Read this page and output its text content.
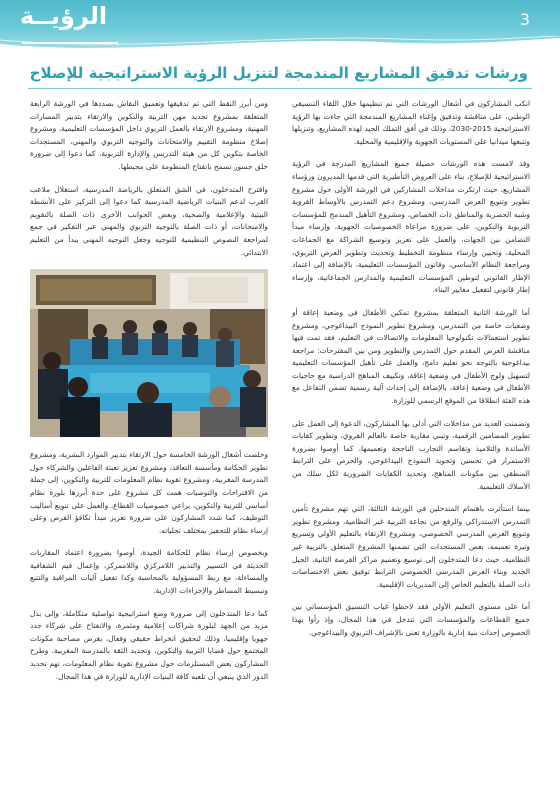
الرؤيــة	3
ورشات تدقيق المشاريع المندمجة لتنزيل الرؤية الاستراتيجية للإصلاح

انكب المشاركون في أشغال الورشات التي تم تنظيمها خلال اللقاء التنسيقي الوطني، على مناقشة وتدقيق وإغناء المشاريع المندمجة التي جاءت بها الرؤية الاستراتيجية 2015-2030، وذلك في أفق التملك الجيد لهذه المشاريع، وتنزيلها وتتبعها ميدانيا على المستويات الجهوية والإقليمية والمحلية.

وقد لامست هذه الورشات حصيلة جميع المشاريع المدرجة في الرؤية الاستراتيجية للإصلاح، بناء على العروض التأطيرية التي قدمها المديرون ورؤساء المشاريع، حيث ارتكزت مداخلات المشاركين في الورشة الأولى حول مشروع تطوير وتنويع العرض المدرسي، ومشروع دعم التمدرس بالأوساط القروية وشبه الحضرية والمناطق ذات الخصاص، ومشروع التأهيل المندمج للمؤسسات التربوية والتكوين، على ضرورة مراعاة الخصوصيات الجهوية، وإرساء مبدأ التضامن بين الجهات، والعمل على تعزيز وتوسيع الشراكة مع الجماعات المحلية، وتحيين وإرساء منظومة التخطيط وتحديث وتطوير العرض التربوي، ومراجعة النظام الأساسي، وقانون المؤسسات التعليمية، بالإضافة إلى اعتماد الإطار القانوني لتوطين المؤسسات التعليمية والمدارس الجماعاتية، وإرساء إطار قانوني لتفعيل معايير البناء.

أما الورشة الثانية المتعلقة بمشروع تمكين الأطفال في وضعية إعاقة أو وضعيات خاصة من التمدرس، ومشروع تطوير النموذج البيداغوجي، ومشروع تطوير استعمالات تكنولوجيا المعلومات والاتصالات في التعليم، فقد تمت فيها مناقشة العرض المقدم حول التمدرس والتطوير ومن بين المقترحات: مراجعة بيداغوجية بالتوجه نحو تعليم دامج، والعمل على تأهيل المؤسسات التعليمية لتسهيل ولوج الأطفال في وضعية إعاقة، وتكييف المناهج الدراسية مع حاجيات الأطفال في وضعية إعاقة، بالإضافة إلى إحداث آلية رسمية تضمن التفاعل مع هذه الفئة انطلاقا من الموقع الرسمي للوزارة.

وتضمنت العديد من مداخلات التي أدلى بها المشاركون، الدعوة إلى العمل على تطوير المضامين الرقمية، وتبني مقاربة خاصة بالعالم القروي، وتطوير كفايات الأساتذة والتلاميذ وتقاسم التجارب الناجحة وتعميمها، كما أوصوا بضرورة الاستمرار في تحسين وتجويد النموذج البيداغوجي، والحرص على الترابط المنطقي بين مكونات المناهج، وتحديد الكفايات الضرورية لكل سلك من الأسلاك التعليمية.

بينما استأثرت باهتمام المتدخلين في الورشة الثالثة، التي تهم مشروع تأمين التمدرس الاستدراكي والرفع من نجاعة التربية غير النظامية، ومشروع تطوير وتنويع العرض المدرسي الخصوصي، ومشروع الارتقاء بالتعليم الأولي وتسريع وتيرة تعميمه، بعض المستجدات التي تضمنها المشروع المتعلق بالتربية غير النظامية، حيث دعا المتدخلون إلى توسيع وتعميم مراكز الفرصة الثانية، الجيل الجديد وبناء العرض المدرسي الخصوصي الترابط توفيق بعض الاختصاصات ذات الصلة بالتعليم الخاص إلى المديريات الإقليمية.

أما على مستوى التعليم الأولي فقد لاحظوا غياب التنسيق المؤسساتي بين جميع القطاعات والمؤسسات التي تتدخل في هذا المجال، وإذ رأوا بهذا الخصوص إحداث بنية إدارية بالوزارة تعنى بالإشراف التربوي والبيداغوجي.

ومن أبرز النقط التي تم تدقيقها وتعميق النقاش بصددها في الورشة الرابعة المتعلقة بمشروع تجديد مهن التربية والتكوين والارتقاء بتدبير المسارات المهنية، ومشروع الارتقاء بالعمل التربوي داخل المؤسسات التعليمية، ومشروع إصلاح منظومة التقييم والامتحانات والتوجيه التربوي والمهني، المستجدات الخاصة بتكوين كل من هيئة التدريس والإدارة التربوية، كما دعوا إلى ضرورة خلق جسور تسمح بانفتاح المنظومة على محيطها.

واقترح المتدخلون، في الشق المتعلق بالرياضة المدرسية، استغلال ملاعب القرب لدعم البنيات الرياضية المدرسية كما دعوا إلى التركيز على الأنشطة البيئية والإعلامية والصحية، وبعض الجوانب الأخرى ذات الصلة بالتقويم والامتحانات، أو ذات الصلة بالتوجيه التربوي والمهني عبر التفكير في جمع لمراجعة النصوص التنظيمية للتوجيه وجعل التوجيه المهني يبدأ من التعليم الابتدائي.

وخلصت أشغال الورشة الخامسة حول الارتقاء بتدبير الموارد البشرية، ومشروع تطوير الحكامة ومأسسة التعاقد، ومشروع تعزيز تعبئة الفاعلين والشركاء حول المدرسة المغربية، ومشروع تقوية نظام المعلومات للتربية والتكوين، إلى جملة من الاقتراحات والتوصيات همت كل مشروع على حدة أبرزها بلورة نظام أساسي للتربية والتكوين، يراعي خصوصيات القطاع، والعمل على تنويع أساليب التوظيف، كما شدد المشاركون على ضرورة تعزيز مبدأ تكافؤ الفرص وعلى إرساء نظام للتحفيز بمختلف تجلياته.

وبخصوص إرساء نظام للحكامة الجيدة، أوصوا بضرورة اعتماد المقاربات الحديثة في التسيير والتدبير اللامركزي واللاممركز، وإعمال قيم الشفافية والمساءلة، مع ربط المسؤولية بالمحاسبة وكذا تفعيل آليات المراقبة والتتبع وتبسيط المساطر والإجراءات الإدارية.

كما دعا المتدخلون إلى ضرورة وضع استراتيجية تواصلية متكاملة، وإلى بذل مزيد من الجهد لبلورة شراكات إعلامية ومثمرة، والانفتاح على شركاء جدد جهويا وإقليميا، وذلك لتحقيق انخراط حقيقي وفعال، بغرض مصاحبة مكونات المجتمع حول قضايا التربية والتكوين، وتجديد الثقة بالمدرسة المغربية. وطرح المشاركون بعض المستلزمات حول مشروع تقوية نظام المعلومات، تهم تحديد الدور الذي ينبغي أن تلعبه كافة البنيات الإدارية للوزارة في هذا المجال.
